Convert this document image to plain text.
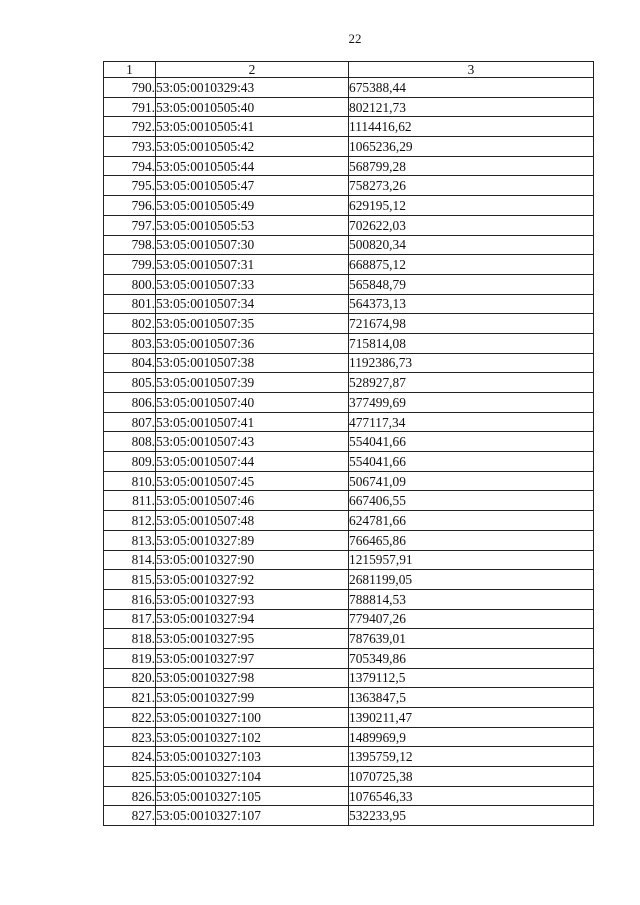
22
1	2	3
790.	53:05:0010329:43	675388,44
791.	53:05:0010505:40	802121,73
792.	53:05:0010505:41	1114416,62
793.	53:05:0010505:42	1065236,29
794.	53:05:0010505:44	568799,28
795.	53:05:0010505:47	758273,26
796.	53:05:0010505:49	629195,12
797.	53:05:0010505:53	702622,03
798.	53:05:0010507:30	500820,34
799.	53:05:0010507:31	668875,12
800.	53:05:0010507:33	565848,79
801.	53:05:0010507:34	564373,13
802.	53:05:0010507:35	721674,98
803.	53:05:0010507:36	715814,08
804.	53:05:0010507:38	1192386,73
805.	53:05:0010507:39	528927,87
806.	53:05:0010507:40	377499,69
807.	53:05:0010507:41	477117,34
808.	53:05:0010507:43	554041,66
809.	53:05:0010507:44	554041,66
810.	53:05:0010507:45	506741,09
811.	53:05:0010507:46	667406,55
812.	53:05:0010507:48	624781,66
813.	53:05:0010327:89	766465,86
814.	53:05:0010327:90	1215957,91
815.	53:05:0010327:92	2681199,05
816.	53:05:0010327:93	788814,53
817.	53:05:0010327:94	779407,26
818.	53:05:0010327:95	787639,01
819.	53:05:0010327:97	705349,86
820.	53:05:0010327:98	1379112,5
821.	53:05:0010327:99	1363847,5
822.	53:05:0010327:100	1390211,47
823.	53:05:0010327:102	1489969,9
824.	53:05:0010327:103	1395759,12
825.	53:05:0010327:104	1070725,38
826.	53:05:0010327:105	1076546,33
827.	53:05:0010327:107	532233,95
